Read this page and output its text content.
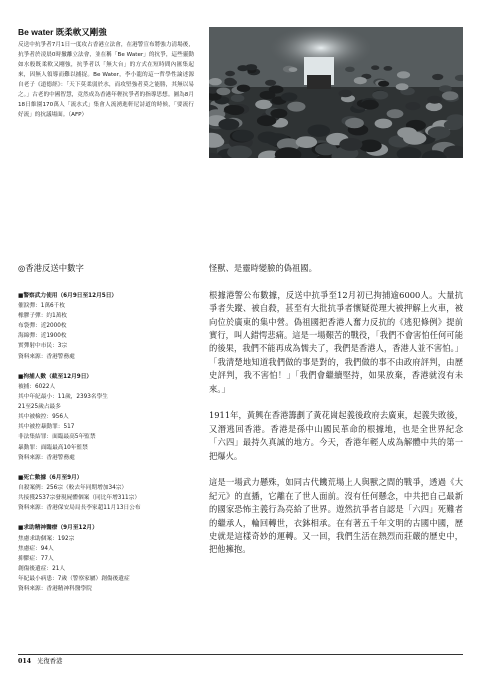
Be water 既柔軟又剛強
反送中抗爭者7月1日一度攻占香港立法會，在港警宣布將強力清場後，抗爭者於凌晨0時撤離立法會，並在稱「Be Water」的抗爭，這些靈動如水般既柔軟又剛強，抗爭者以「無大台」的方式在短時間內匯集起來，因無人領導而難以捕捉。Be Water，李小龍的這一哲學性論述源自老子《道德經》：「天下莫柔弱於水，而攻堅強者莫之能勝，其無以易之。」古老的中國智慧，竟然成為香港年輕抗爭者的指導思想。圖為8月18日維園170萬人「流水式」集會人流湧進軒尼詩道的時候，「要流行好流」的抗議場面。（AFP）
◎香港反送中數字

■警察武力使用（6月9日至12月5日）

催淚彈：1萬6千枚

橡膠子彈：約1萬枚

布袋彈：近2000枚

海綿彈：近1900枚

實彈射中市民：3宗

資料來源：香港警務處

■拘捕人數（截至12月9日）

被捕：6022人

其中年紀最小：11歲，2393名學生

21至25歲占最多

其中被檢控：956人

其中被控暴動罪：517

非法集結罪：面臨最高5年監禁

暴動罪：面臨最高10年監禁

資料來源：香港警務處

■死亡數據（6月至9月）

自殺案例：256宗（較去年同期增加34宗）

共接獲2537宗發現屍體個案（同比年增311宗）

資料來源：香港保安局局長李家超11月13日公布

■求助精神醫療（9月至12月）

焦慮求助個案：192宗

焦慮症：94人

抑鬱症：77人

創傷後遺症：21人

年紀最小病患：7歲（警察家屬）創傷後遺症

資料來源：香港精神科醫學院

怪獸、是靈時變臉的偽祖國。

根據港警公布數據，反送中抗爭至12月初已拘捕逾6000人。大量抗爭者失蹤、被自殺，甚至有大批抗爭者懷疑從理大被押解上火車，被向位於廣東的集中營。偽祖國把香港人奮力反抗的《逃犯條例》提前實行，叫人錯愕悲痛。這是一場艱苦的戰役，「我們不會害怕任何可能的後果，我們不能再成為懦夫了，我們是香港人，香港人並不害怕。」「我清楚地知道我們做的事是對的，我們做的事不由政府評判，由歷史評判，我不害怕！」「我們會繼續堅持，如果放棄，香港就沒有未來。」

1911年，黃興在香港籌劃了黃花崗起義後政府去廣東，起義失敗後，又潛逃回香港。香港是孫中山國民革命的根據地，也是全世界紀念「六四」最持久真誠的地方。今天，香港年輕人成為解體中共的第一把爆火。

這是一場武力懸殊，如同古代饑荒場上人與獸之間的戰爭，透過《大紀元》的直播，它離在了世人面前。沒有任何懸念，中共把自己最新的國家恐怖主義行為亮給了世界。遊然抗爭者自認是「六四」死難者的繼承人，輪回轉世，衣鉢相承。在有著五千年文明的古國中國，歷史就是這樣奇妙的運轉。又一回，我們生活在熱烈而莊嚴的歷史中，把他擁抱。

014 光復香港
